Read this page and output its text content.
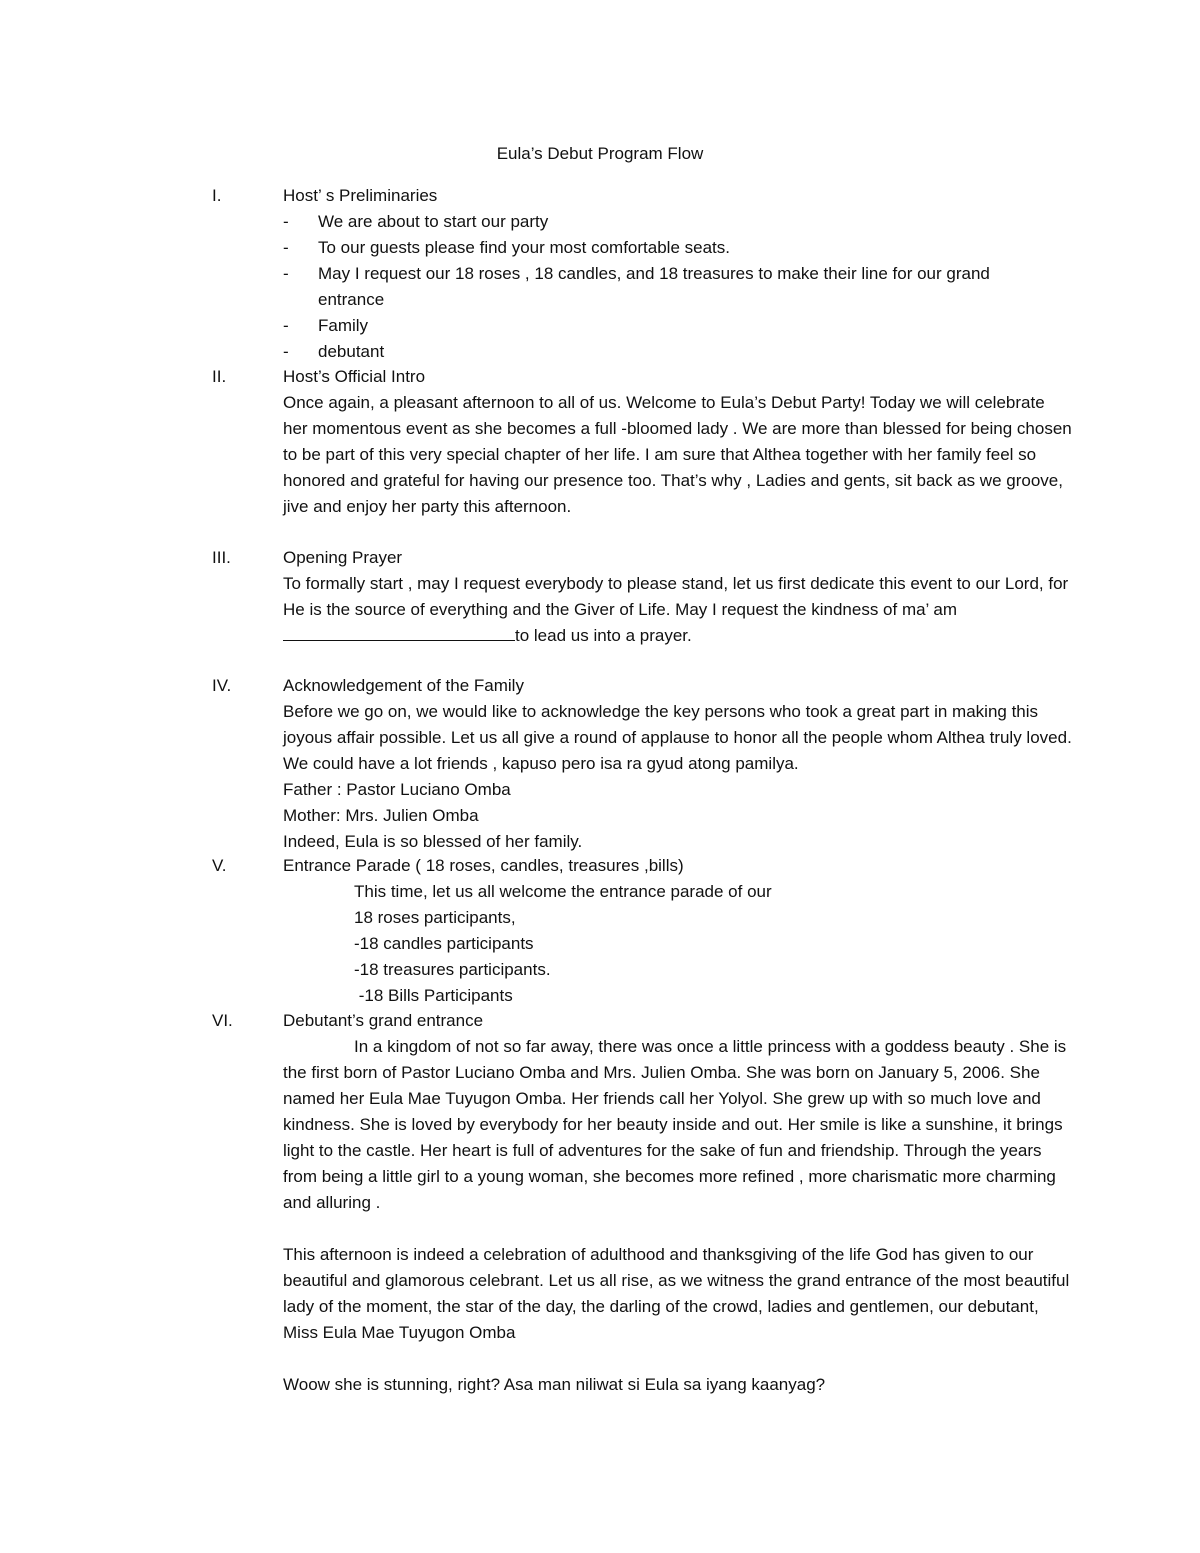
Eula’s Debut Program Flow
I.	Host’ s Preliminaries
- We are about to start our party
- To our guests please find your most comfortable seats.
- May I request our 18 roses , 18 candles, and 18 treasures to make their line for our grand entrance
- Family
- debutant
II.	Host’s Official Intro
Once again, a pleasant afternoon to all of us. Welcome to Eula’s Debut Party! Today we will celebrate her momentous event as she becomes a full -bloomed lady . We are more than blessed for being chosen to be part of this very special chapter of her life. I am sure that Althea together with her family feel so honored and grateful for having our presence too. That’s why , Ladies and gents, sit back as we groove, jive and enjoy her party this afternoon.
III.	Opening Prayer
To formally start , may I request everybody to please stand, let us first dedicate this event to our Lord, for He is the source of everything and the Giver of Life. May I request the kindness of ma’ am to lead us into a prayer.
IV.	Acknowledgement of the Family
Before we go on, we would like to acknowledge the key persons who took a great part in making this joyous affair possible. Let us all give a round of applause to honor all the people whom Althea truly loved. We could have a lot friends , kapuso pero isa ra gyud atong pamilya.
Father : Pastor Luciano Omba
Mother: Mrs. Julien Omba
Indeed, Eula is so blessed of her family.
V.	Entrance Parade ( 18 roses, candles, treasures ,bills)
This time, let us all welcome the entrance parade of our
18 roses participants,
-18 candles participants
-18 treasures participants.
-18 Bills Participants
VI.	Debutant’s grand entrance
In a kingdom of not so far away, there was once a little princess with a goddess beauty . She is the first born of Pastor Luciano Omba and Mrs. Julien Omba. She was born on January 5, 2006. She named her Eula Mae Tuyugon Omba. Her friends call her Yolyol. She grew up with so much love and kindness. She is loved by everybody for her beauty inside and out. Her smile is like a sunshine, it brings light to the castle. Her heart is full of adventures for the sake of fun and friendship. Through the years from being a little girl to a young woman, she becomes more refined , more charismatic more charming and alluring .
This afternoon is indeed a celebration of adulthood and thanksgiving of the life God has given to our beautiful and glamorous celebrant. Let us all rise, as we witness the grand entrance of the most beautiful lady of the moment, the star of the day, the darling of the crowd, ladies and gentlemen, our debutant, Miss Eula Mae Tuyugon Omba
Woow she is stunning, right? Asa man niliwat si Eula sa iyang kaanyag?
